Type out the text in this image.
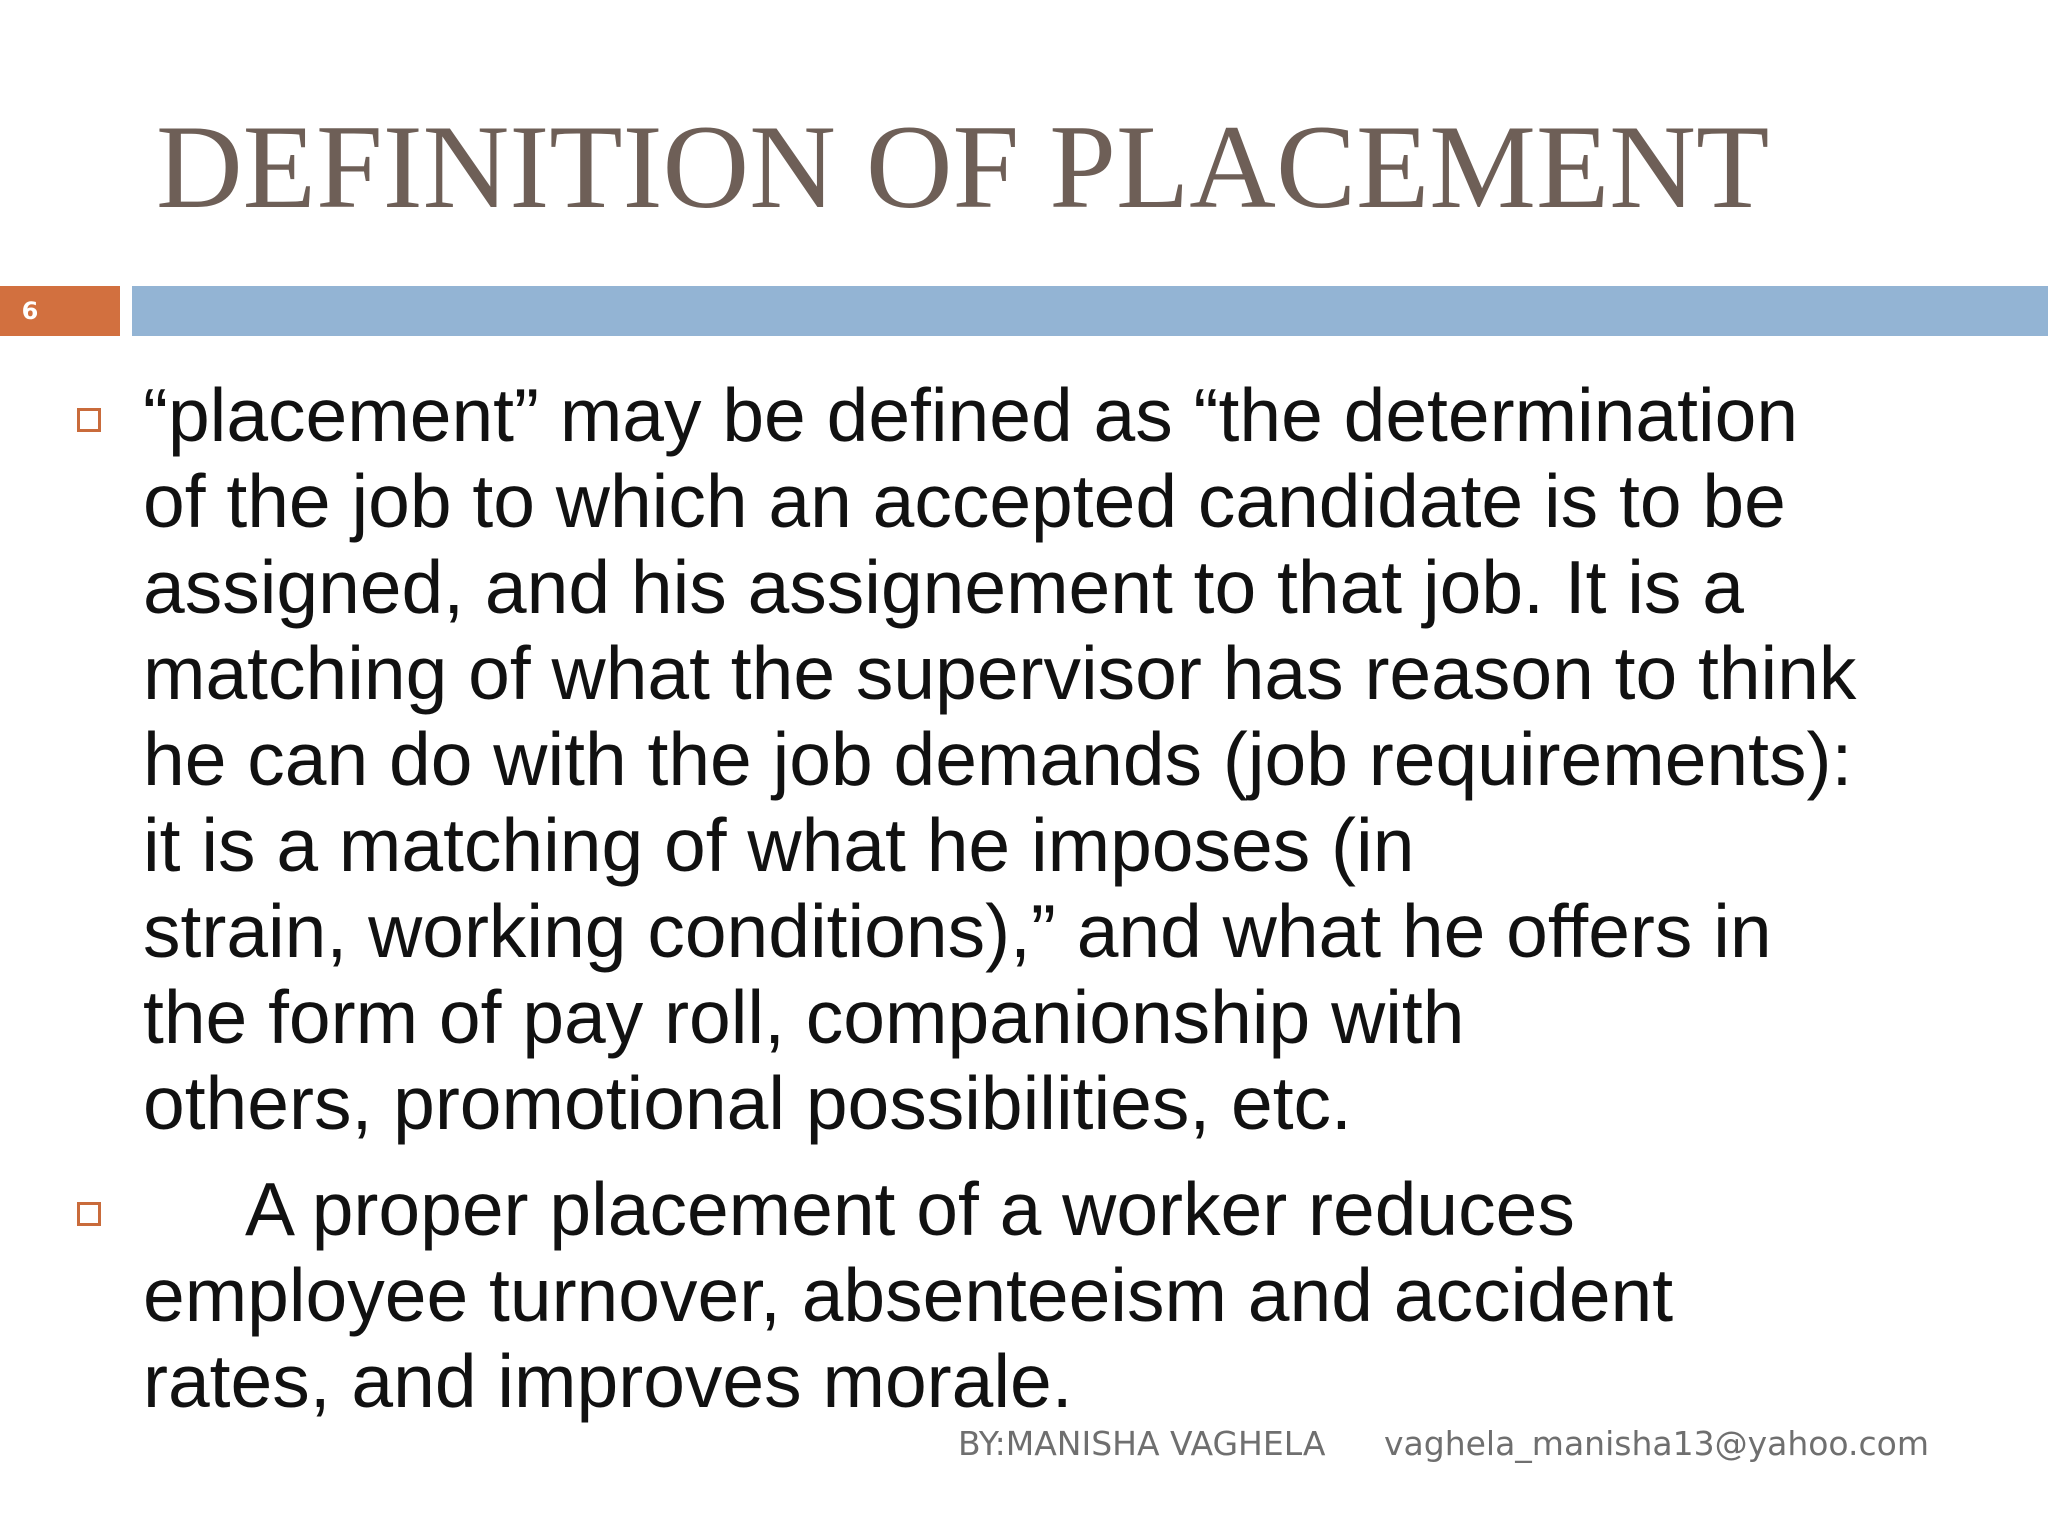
DEFINITION OF PLACEMENT
6
“placement” may be defined as “the determination
of the job to which an accepted candidate is to be
assigned, and his assignement to that job. It is a
matching of what the supervisor has reason to think
he can do with the job demands (job requirements):
it is a matching of what he imposes (in
strain, working conditions),” and what he offers in
the form of pay roll, companionship with
others, promotional possibilities, etc.
A proper placement of a worker reduces
employee turnover, absenteeism and accident
rates, and improves morale.
BY:MANISHA VAGHELA vaghela_manisha13@yahoo.com
